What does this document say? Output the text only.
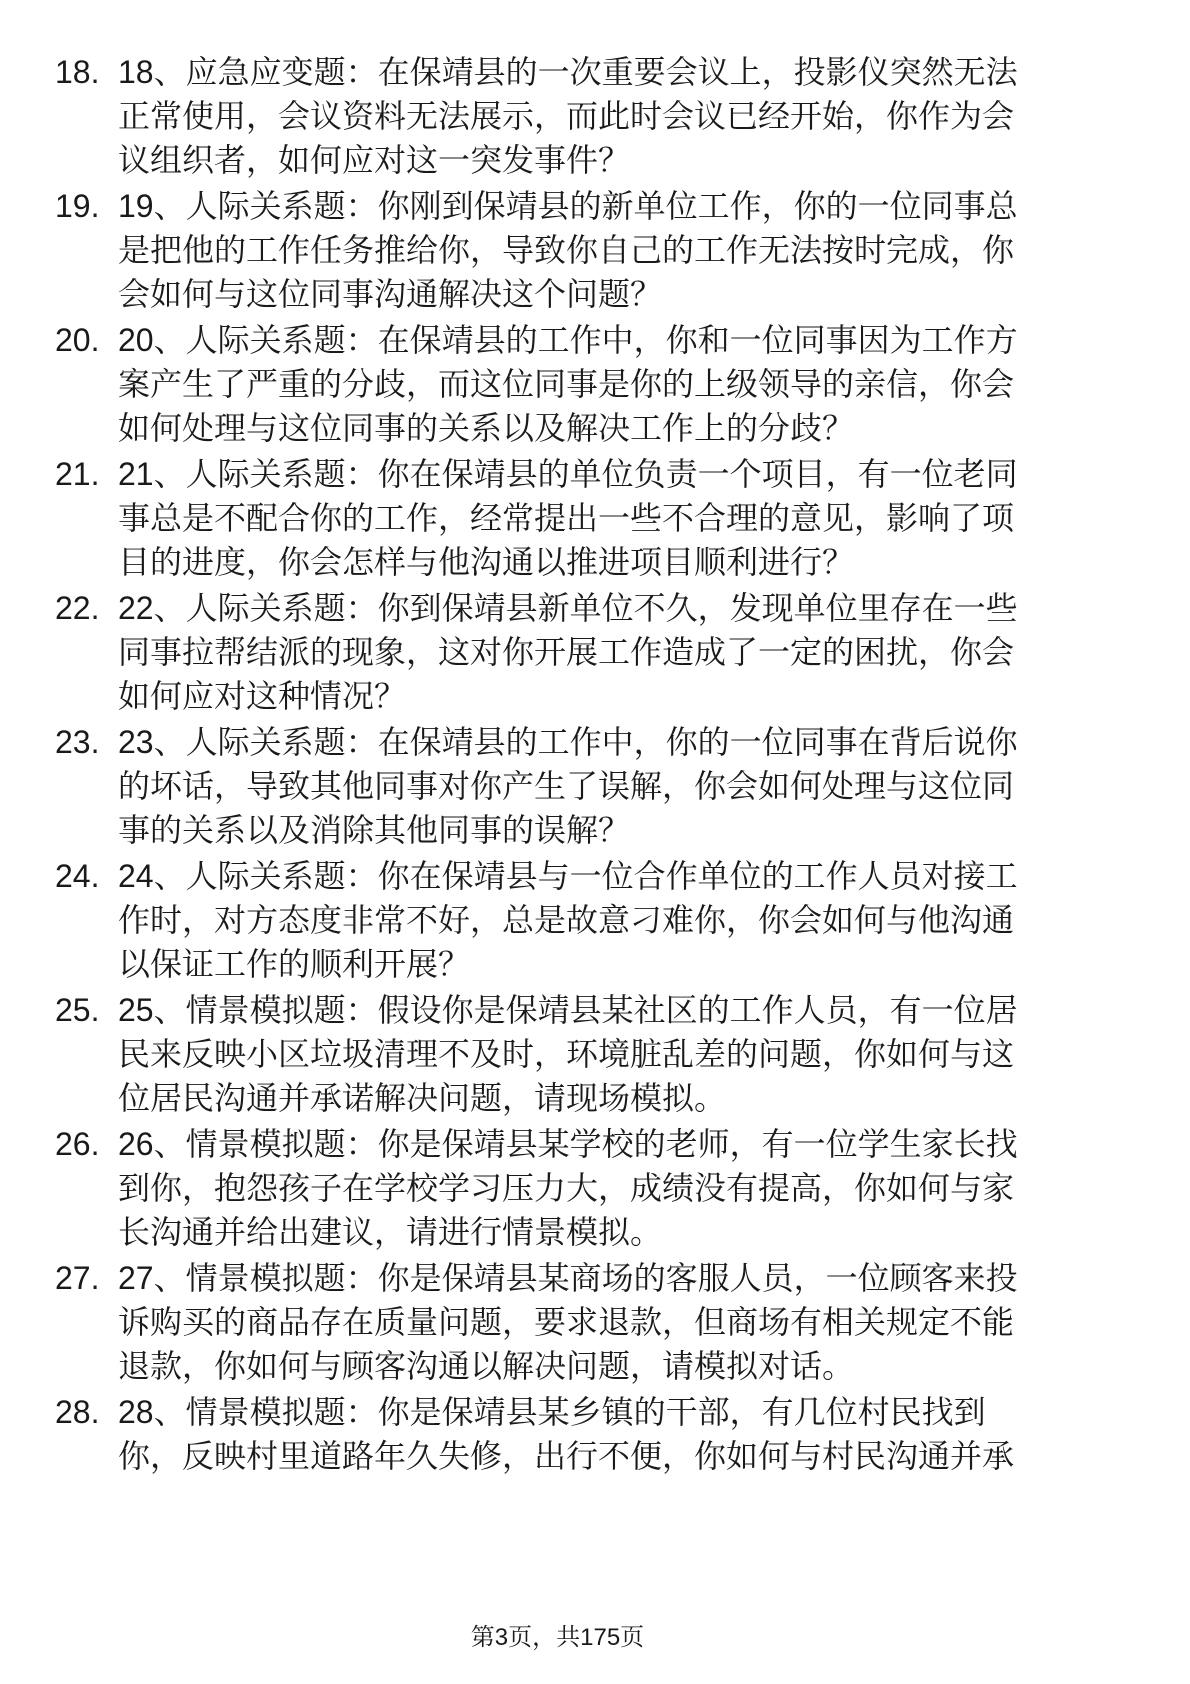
18. 18、应急应变题：在保靖县的一次重要会议上，投影仪突然无法正常使用，会议资料无法展示，而此时会议已经开始，你作为会议组织者，如何应对这一突发事件？
19. 19、人际关系题：你刚到保靖县的新单位工作，你的一位同事总是把他的工作任务推给你，导致你自己的工作无法按时完成，你会如何与这位同事沟通解决这个问题？
20. 20、人际关系题：在保靖县的工作中，你和一位同事因为工作方案产生了严重的分歧，而这位同事是你的上级领导的亲信，你会如何处理与这位同事的关系以及解决工作上的分歧？
21. 21、人际关系题：你在保靖县的单位负责一个项目，有一位老同事总是不配合你的工作，经常提出一些不合理的意见，影响了项目的进度，你会怎样与他沟通以推进项目顺利进行？
22. 22、人际关系题：你到保靖县新单位不久，发现单位里存在一些同事拉帮结派的现象，这对你开展工作造成了一定的困扰，你会如何应对这种情况？
23. 23、人际关系题：在保靖县的工作中，你的一位同事在背后说你的坏话，导致其他同事对你产生了误解，你会如何处理与这位同事的关系以及消除其他同事的误解？
24. 24、人际关系题：你在保靖县与一位合作单位的工作人员对接工作时，对方态度非常不好，总是故意刁难你，你会如何与他沟通以保证工作的顺利开展？
25. 25、情景模拟题：假设你是保靖县某社区的工作人员，有一位居民来反映小区垃圾清理不及时，环境脏乱差的问题，你如何与这位居民沟通并承诺解决问题，请现场模拟。
26. 26、情景模拟题：你是保靖县某学校的老师，有一位学生家长找到你，抱怨孩子在学校学习压力大，成绩没有提高，你如何与家长沟通并给出建议，请进行情景模拟。
27. 27、情景模拟题：你是保靖县某商场的客服人员，一位顾客来投诉购买的商品存在质量问题，要求退款，但商场有相关规定不能退款，你如何与顾客沟通以解决问题，请模拟对话。
28. 28、情景模拟题：你是保靖县某乡镇的干部，有几位村民找到你，反映村里道路年久失修，出行不便，你如何与村民沟通并承
第3页，共175页
